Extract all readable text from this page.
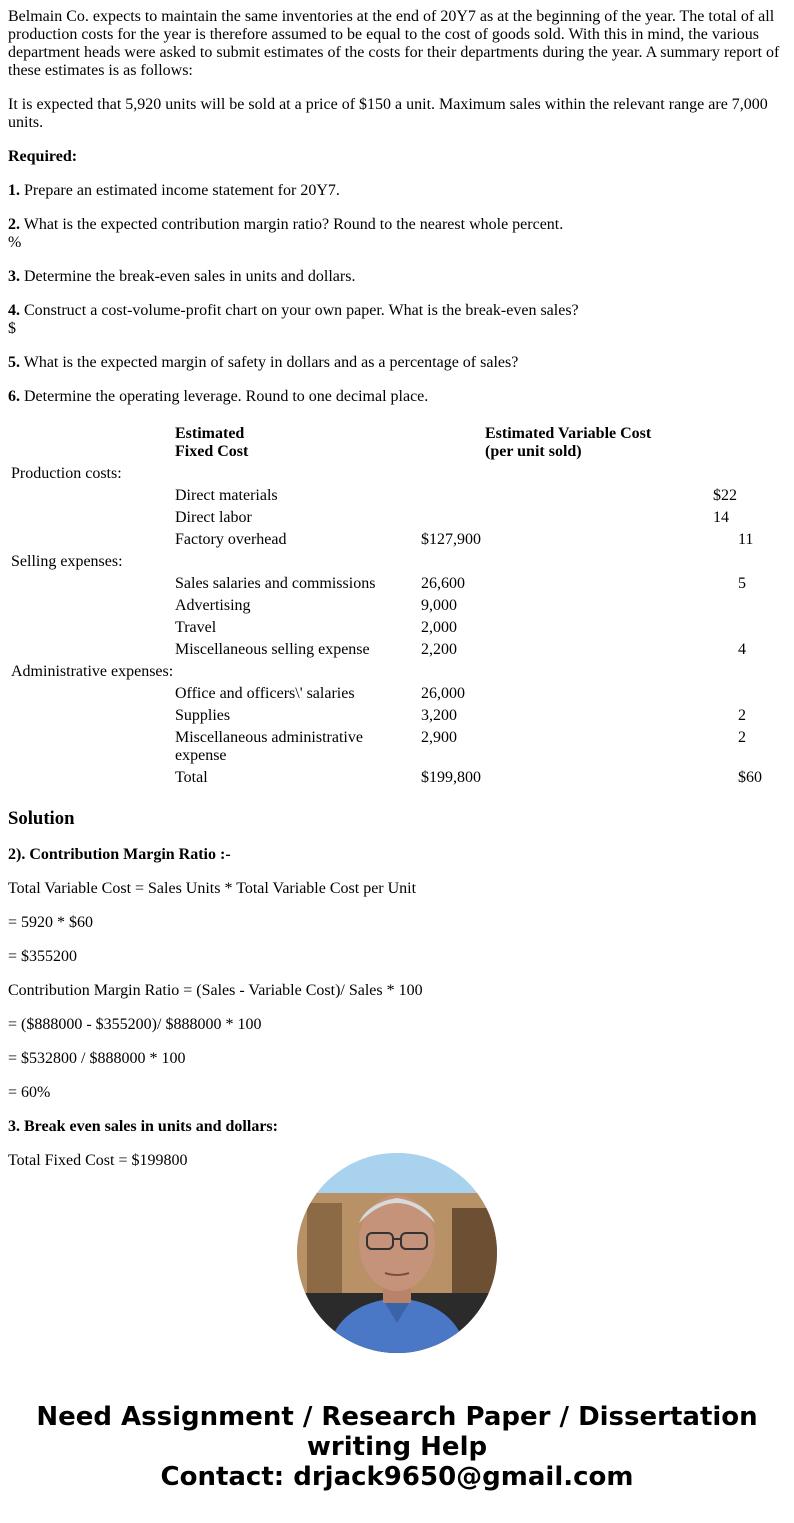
Belmain Co. expects to maintain the same inventories at the end of 20Y7 as at the beginning of the year. The total of all production costs for the year is therefore assumed to be equal to the cost of goods sold. With this in mind, the various department heads were asked to submit estimates of the costs for their departments during the year. A summary report of these estimates is as follows:

It is expected that 5,920 units will be sold at a price of $150 a unit. Maximum sales within the relevant range are 7,000 units.

Required:

1. Prepare an estimated income statement for 20Y7.

2. What is the expected contribution margin ratio? Round to the nearest whole percent.
%

3. Determine the break-even sales in units and dollars.

4. Construct a cost-volume-profit chart on your own paper. What is the break-even sales?
$

5. What is the expected margin of safety in dollars and as a percentage of sales?

6. Determine the operating leverage. Round to one decimal place.

	Estimated
Fixed Cost		Estimated Variable Cost
(per unit sold)	
Production costs:				
	Direct materials			$22
	Direct labor			14
	Factory overhead	$127,900		11
Selling expenses:				
	Sales salaries and commissions	26,600		5
	Advertising	9,000		
	Travel	2,000		
	Miscellaneous selling expense	2,200		4
Administrative expenses:				
	Office and officers\' salaries	26,000		
	Supplies	3,200		2
	Miscellaneous administrative expense	2,900		2
	Total	$199,800		$60
Solution

2). Contribution Margin Ratio :-

Total Variable Cost = Sales Units * Total Variable Cost per Unit

= 5920 * $60

= $355200

Contribution Margin Ratio = (Sales - Variable Cost)/ Sales * 100

= ($888000 - $355200)/ $888000 * 100

= $532800 / $888000 * 100

= 60%

3. Break even sales in units and dollars:

Total Fixed Cost = $199800

Need Assignment / Research Paper / Dissertation
writing Help
Contact: drjack9650@gmail.com
